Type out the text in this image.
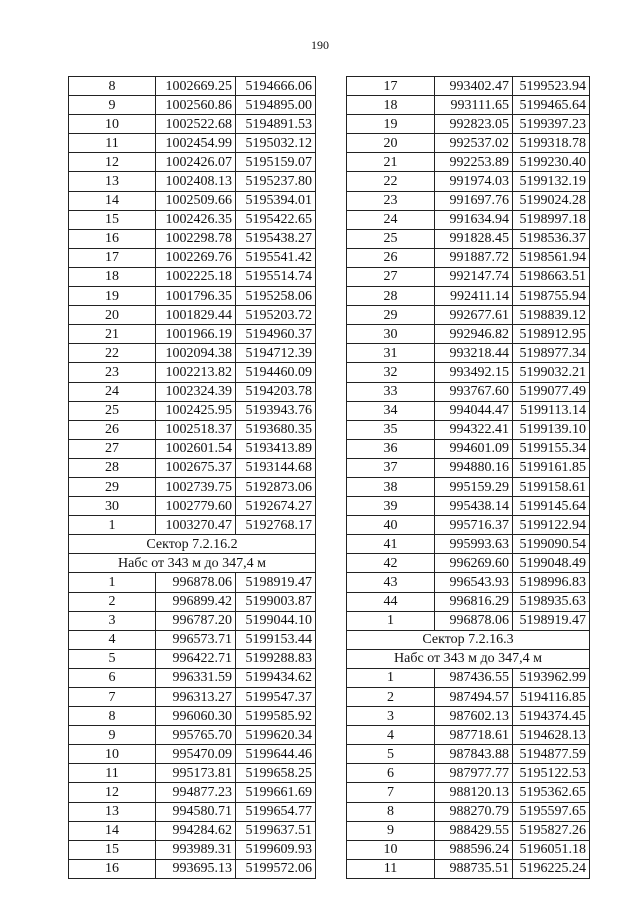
190
8	1002669.25	5194666.06
9	1002560.86	5194895.00
10	1002522.68	5194891.53
11	1002454.99	5195032.12
12	1002426.07	5195159.07
13	1002408.13	5195237.80
14	1002509.66	5195394.01
15	1002426.35	5195422.65
16	1002298.78	5195438.27
17	1002269.76	5195541.42
18	1002225.18	5195514.74
19	1001796.35	5195258.06
20	1001829.44	5195203.72
21	1001966.19	5194960.37
22	1002094.38	5194712.39
23	1002213.82	5194460.09
24	1002324.39	5194203.78
25	1002425.95	5193943.76
26	1002518.37	5193680.35
27	1002601.54	5193413.89
28	1002675.37	5193144.68
29	1002739.75	5192873.06
30	1002779.60	5192674.27
1	1003270.47	5192768.17
Сектор 7.2.16.2		
Набс от 343 м до 347,4 м		
1	996878.06	5198919.47
2	996899.42	5199003.87
3	996787.20	5199044.10
4	996573.71	5199153.44
5	996422.71	5199288.83
6	996331.59	5199434.62
7	996313.27	5199547.37
8	996060.30	5199585.92
9	995765.70	5199620.34
10	995470.09	5199644.46
11	995173.81	5199658.25
12	994877.23	5199661.69
13	994580.71	5199654.77
14	994284.62	5199637.51
15	993989.31	5199609.93
16	993695.13	5199572.06
17	993402.47	5199523.94
18	993111.65	5199465.64
19	992823.05	5199397.23
20	992537.02	5199318.78
21	992253.89	5199230.40
22	991974.03	5199132.19
23	991697.76	5199024.28
24	991634.94	5198997.18
25	991828.45	5198536.37
26	991887.72	5198561.94
27	992147.74	5198663.51
28	992411.14	5198755.94
29	992677.61	5198839.12
30	992946.82	5198912.95
31	993218.44	5198977.34
32	993492.15	5199032.21
33	993767.60	5199077.49
34	994044.47	5199113.14
35	994322.41	5199139.10
36	994601.09	5199155.34
37	994880.16	5199161.85
38	995159.29	5199158.61
39	995438.14	5199145.64
40	995716.37	5199122.94
41	995993.63	5199090.54
42	996269.60	5199048.49
43	996543.93	5198996.83
44	996816.29	5198935.63
1	996878.06	5198919.47
Сектор 7.2.16.3		
Набс от 343 м до 347,4 м		
1	987436.55	5193962.99
2	987494.57	5194116.85
3	987602.13	5194374.45
4	987718.61	5194628.13
5	987843.88	5194877.59
6	987977.77	5195122.53
7	988120.13	5195362.65
8	988270.79	5195597.65
9	988429.55	5195827.26
10	988596.24	5196051.18
11	988735.51	5196225.24
